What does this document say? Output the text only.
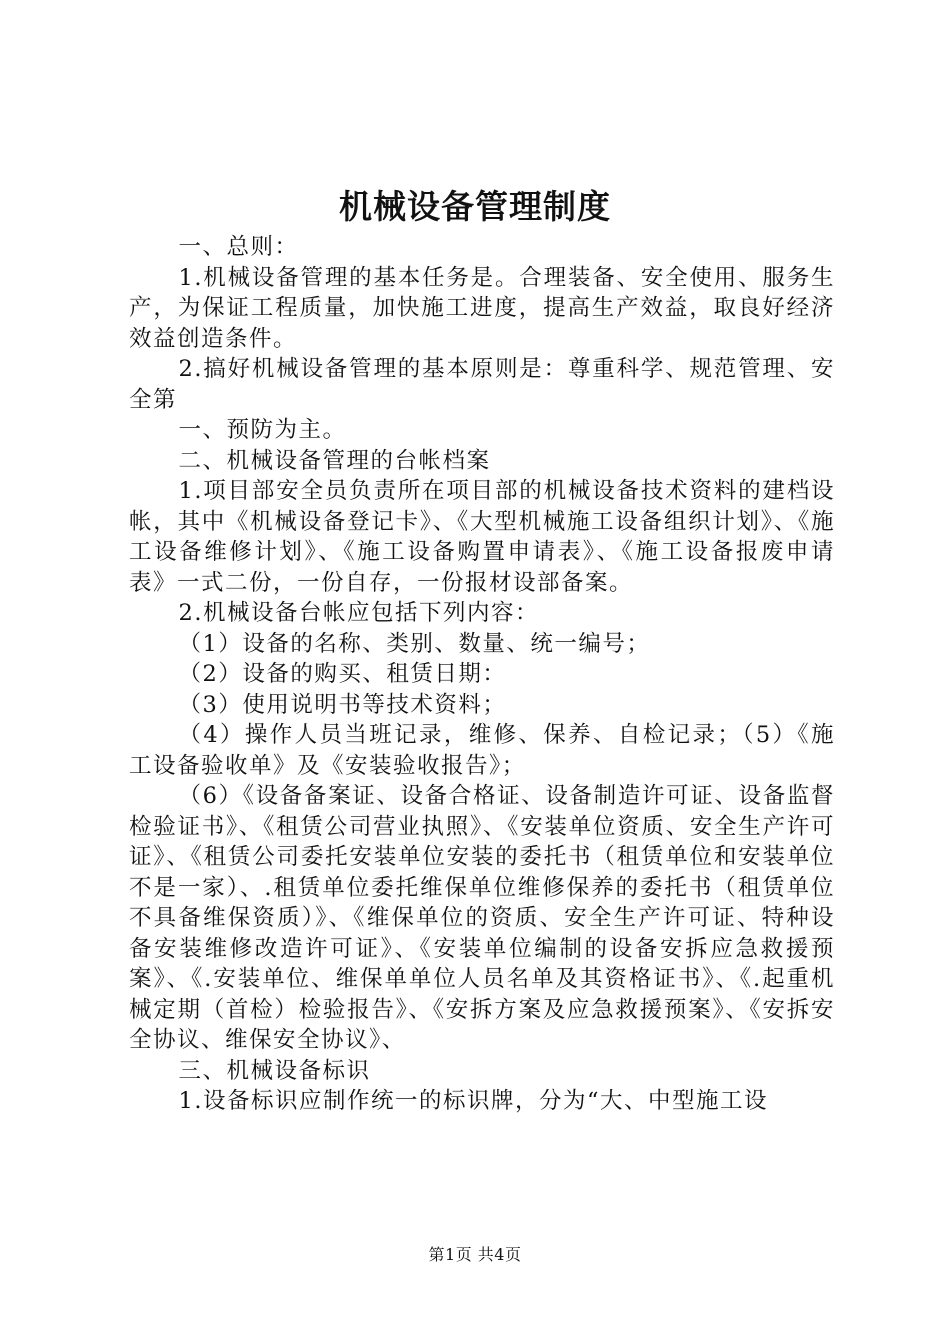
机械设备管理制度

一、总则：

1.机械设备管理的基本任务是。合理装备、安全使用、服务生产，为保证工程质量，加快施工进度，提高生产效益，取良好经济效益创造条件。

2.搞好机械设备管理的基本原则是：尊重科学、规范管理、安全第

一、预防为主。

二、机械设备管理的台帐档案

1.项目部安全员负责所在项目部的机械设备技术资料的建档设帐，其中《机械设备登记卡》、《大型机械施工设备组织计划》、《施工设备维修计划》、《施工设备购置申请表》、《施工设备报废申请表》一式二份，一份自存，一份报材设部备案。

2.机械设备台帐应包括下列内容：

（1）设备的名称、类别、数量、统一编号；

（2）设备的购买、租赁日期：

（3）使用说明书等技术资料；

（4）操作人员当班记录，维修、保养、自检记录；（5）《施工设备验收单》及《安装验收报告》；

（6）《设备备案证、设备合格证、设备制造许可证、设备监督检验证书》、《租赁公司营业执照》、《安装单位资质、安全生产许可证》、《租赁公司委托安装单位安装的委托书（租赁单位和安装单位不是一家）、.租赁单位委托维保单位维修保养的委托书（租赁单位不具备维保资质）》、《维保单位的资质、安全生产许可证、特种设备安装维修改造许可证》、《安装单位编制的设备安拆应急救援预案》、《.安装单位、维保单单位人员名单及其资格证书》、《.起重机械定期（首检）检验报告》、《安拆方案及应急救援预案》、《安拆安全协议、维保安全协议》、

三、机械设备标识

1.设备标识应制作统一的标识牌，分为“大、中型施工设

第1页 共4页
